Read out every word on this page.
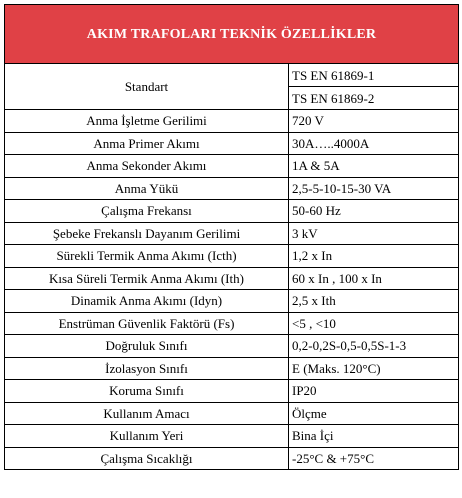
AKIM TRAFOLARI TEKNİK ÖZELLİKLER	
Standart	TS EN 61869-1
	TS EN 61869-2
Anma İşletme Gerilimi	720 V
Anma Primer Akımı	30A…..4000A
Anma Sekonder Akımı	1A & 5A
Anma Yükü	2,5-5-10-15-30 VA
Çalışma Frekansı	50-60 Hz
Şebeke Frekanslı Dayanım Gerilimi	3 kV
Sürekli Termik Anma Akımı (Icth)	1,2 x In
Kısa Süreli Termik Anma Akımı (Ith)	60 x In , 100 x In
Dinamik Anma Akımı (Idyn)	2,5 x Ith
Enstrüman Güvenlik Faktörü (Fs)	<5 , <10
Doğruluk Sınıfı	0,2-0,2S-0,5-0,5S-1-3
İzolasyon Sınıfı	E (Maks. 120°C)
Koruma Sınıfı	IP20
Kullanım Amacı	Ölçme
Kullanım Yeri	Bina İçi
Çalışma Sıcaklığı	-25°C & +75°C
